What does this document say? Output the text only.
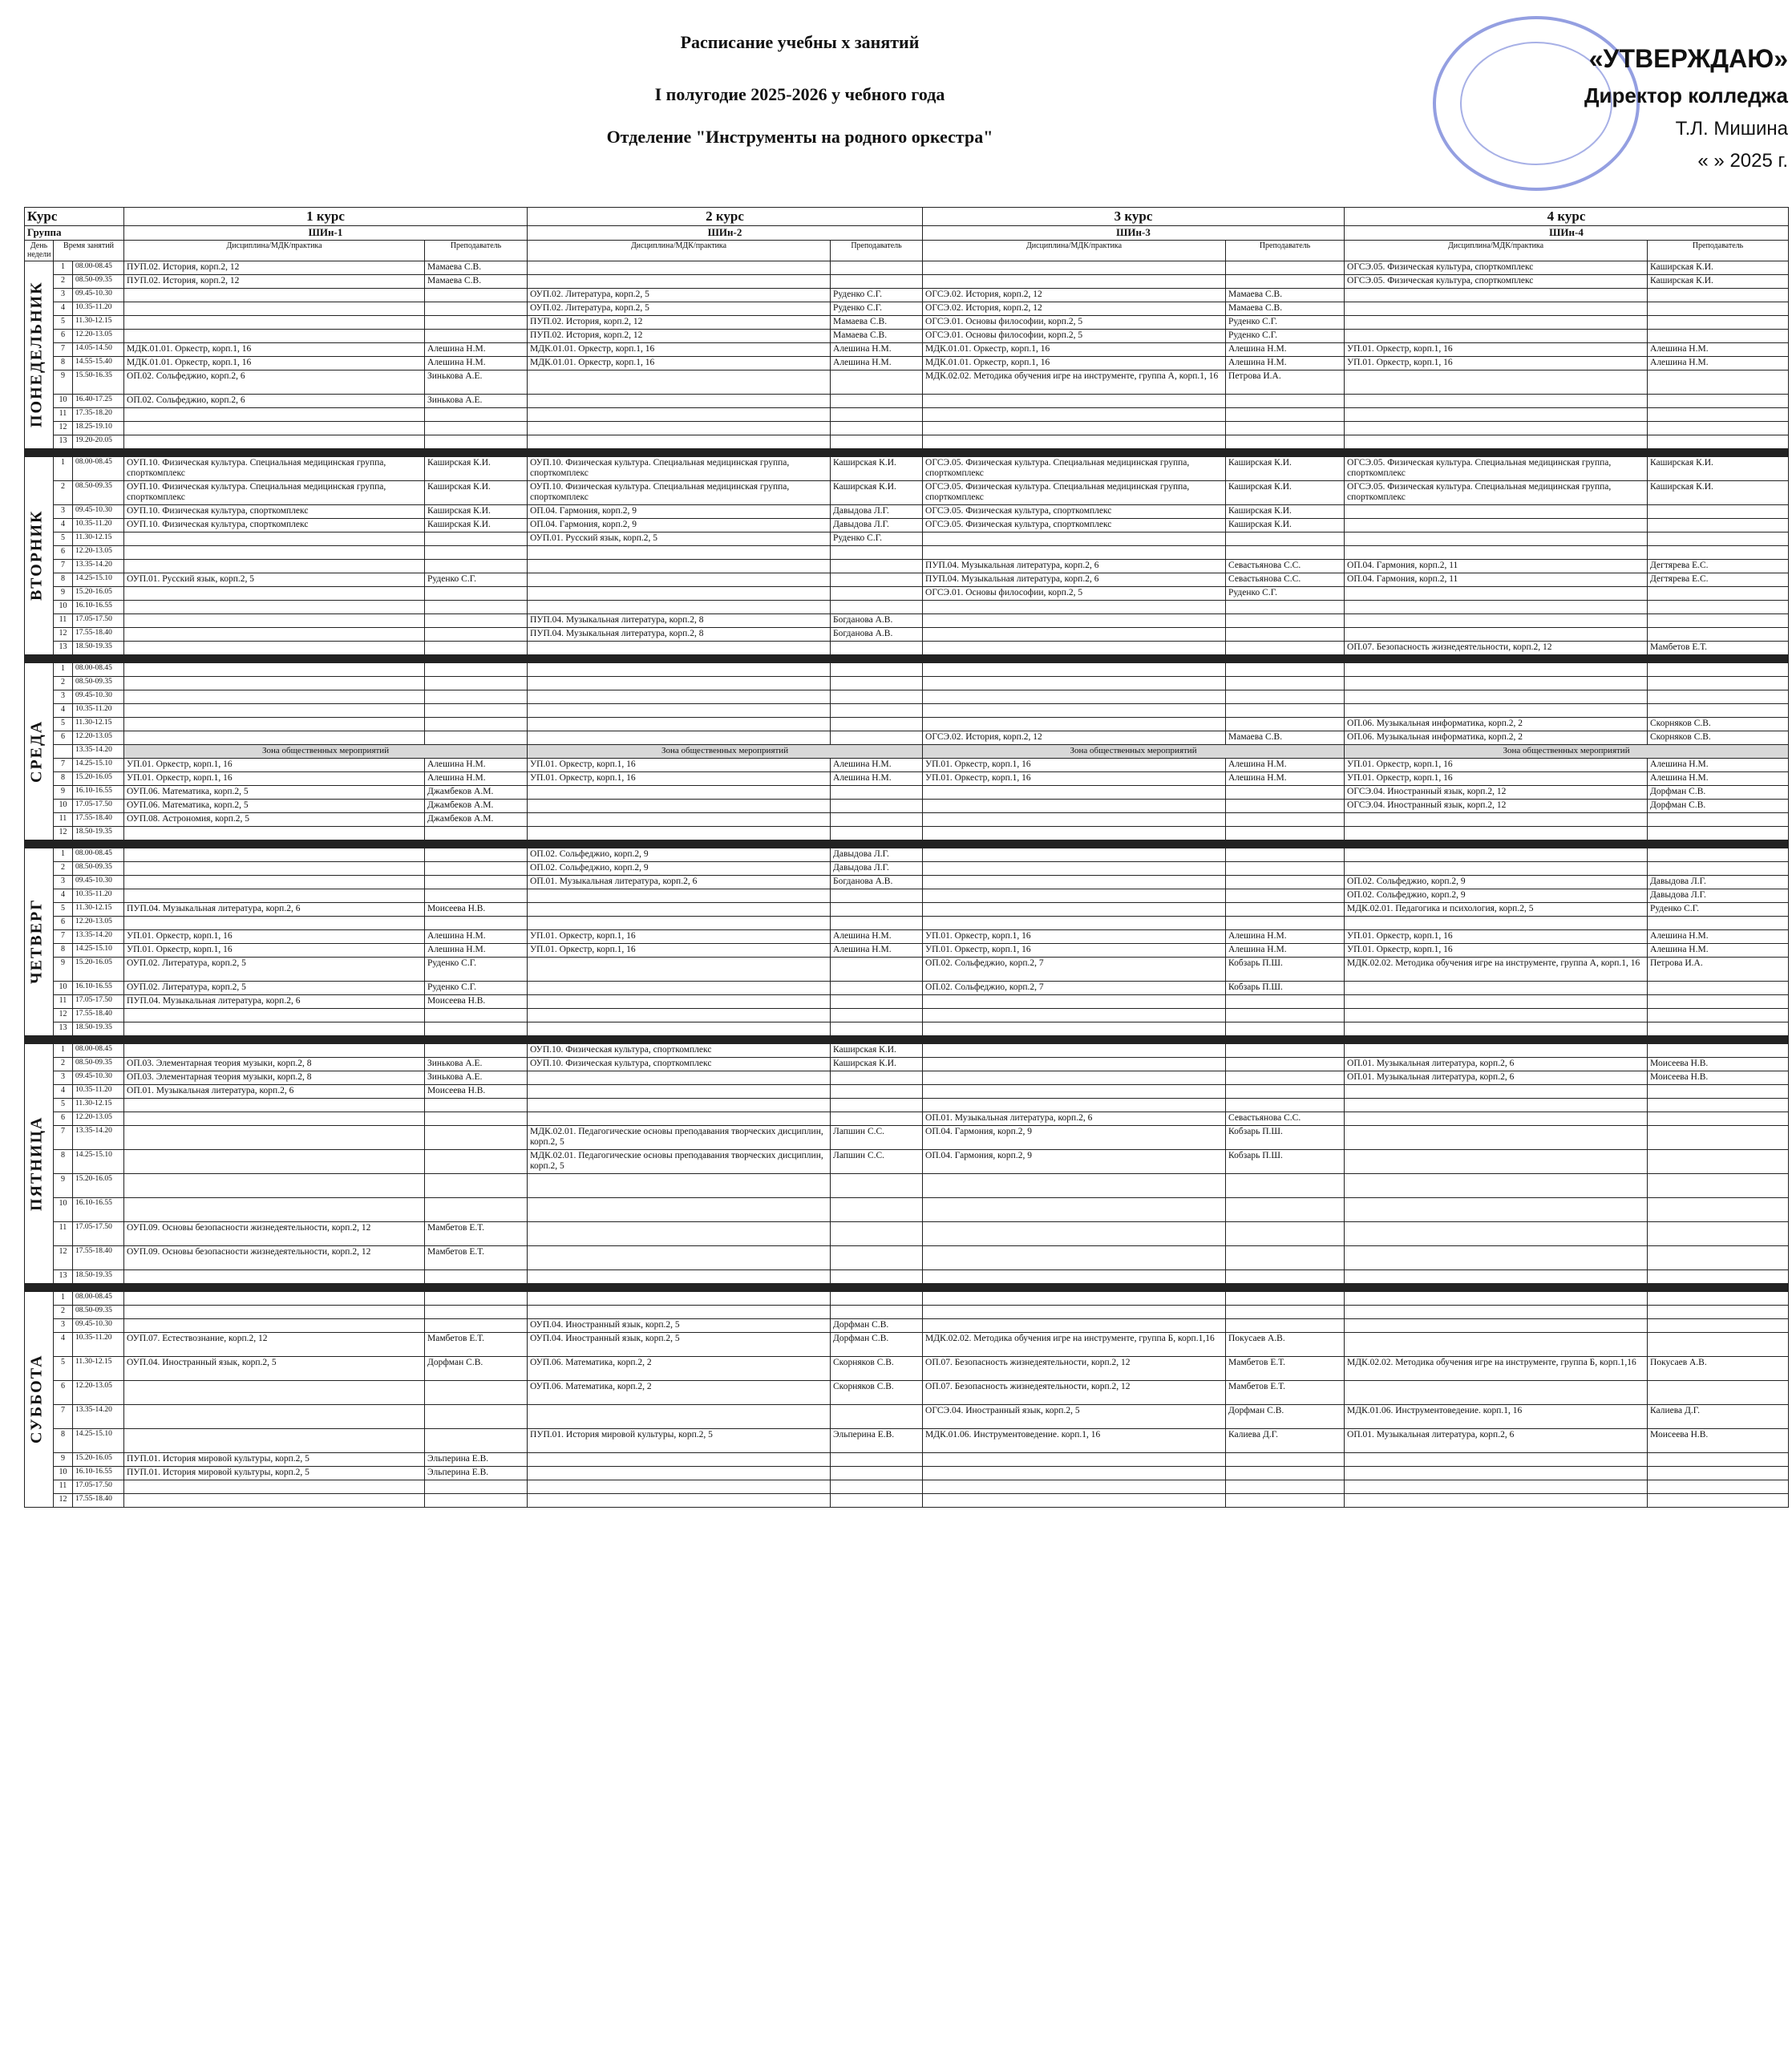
Расписание учебны х занятий
I полугодие 2025-2026 у чебного года
Отделение "Инструменты на родного оркестра"
«УТВЕРЖДАЮ»
Директор колледжа
Т.Л. Мишина
« » 2025 г.
Курс			1 курс		2 курс		3 курс		4 курс	
Группа			ШИн-1		ШИн-2		ШИн-3		ШИн-4	
День недели	Время занятий		Дисциплина/МДК/практика	Преподаватель	Дисциплина/МДК/практика	Преподаватель	Дисциплина/МДК/практика	Преподаватель	Дисциплина/МДК/практика	Преподаватель
ПОНЕДЕЛЬНИК	1	08.00-08.45	ПУП.02. История, корп.2, 12	Мамаева С.В.					ОГСЭ.05. Физическая культура, спорткомплекс	Каширская К.И.
	2	08.50-09.35	ПУП.02. История, корп.2, 12	Мамаева С.В.					ОГСЭ.05. Физическая культура, спорткомплекс	Каширская К.И.
	3	09.45-10.30			ОУП.02. Литература, корп.2, 5	Руденко С.Г.	ОГСЭ.02. История, корп.2, 12	Мамаева С.В.		
	4	10.35-11.20			ОУП.02. Литература, корп.2, 5	Руденко С.Г.	ОГСЭ.02. История, корп.2, 12	Мамаева С.В.		
	5	11.30-12.15			ПУП.02. История, корп.2, 12	Мамаева С.В.	ОГСЭ.01. Основы философии, корп.2, 5	Руденко С.Г.		
	6	12.20-13.05			ПУП.02. История, корп.2, 12	Мамаева С.В.	ОГСЭ.01. Основы философии, корп.2, 5	Руденко С.Г.		
	7	14.05-14.50	МДК.01.01. Оркестр, корп.1, 16	Алешина Н.М.	МДК.01.01. Оркестр, корп.1, 16	Алешина Н.М.	МДК.01.01. Оркестр, корп.1, 16	Алешина Н.М.	УП.01. Оркестр, корп.1, 16	Алешина Н.М.
	8	14.55-15.40	МДК.01.01. Оркестр, корп.1, 16	Алешина Н.М.	МДК.01.01. Оркестр, корп.1, 16	Алешина Н.М.	МДК.01.01. Оркестр, корп.1, 16	Алешина Н.М.	УП.01. Оркестр, корп.1, 16	Алешина Н.М.
	9	15.50-16.35	ОП.02. Сольфеджио, корп.2, 6	Зинькова А.Е.			МДК.02.02. Методика обучения игре на инструменте, группа А, корп.1, 16	Петрова И.А.		
	10	16.40-17.25	ОП.02. Сольфеджио, корп.2, 6	Зинькова А.Е.						
	11	17.35-18.20								
	12	18.25-19.10								
	13	19.20-20.05								

ВТОРНИК	1	08.00-08.45	ОУП.10. Физическая культура. Специальная медицинская группа, спорткомплекс	Каширская К.И.	ОУП.10. Физическая культура. Специальная медицинская группа, спорткомплекс	Каширская К.И.	ОГСЭ.05. Физическая культура. Специальная медицинская группа, спорткомплекс	Каширская К.И.	ОГСЭ.05. Физическая культура. Специальная медицинская группа, спорткомплекс	Каширская К.И.
	2	08.50-09.35	ОУП.10. Физическая культура. Специальная медицинская группа, спорткомплекс	Каширская К.И.	ОУП.10. Физическая культура. Специальная медицинская группа, спорткомплекс	Каширская К.И.	ОГСЭ.05. Физическая культура. Специальная медицинская группа, спорткомплекс	Каширская К.И.	ОГСЭ.05. Физическая культура. Специальная медицинская группа, спорткомплекс	Каширская К.И.
	3	09.45-10.30	ОУП.10. Физическая культура, спорткомплекс	Каширская К.И.	ОП.04. Гармония, корп.2, 9	Давыдова Л.Г.	ОГСЭ.05. Физическая культура, спорткомплекс	Каширская К.И.		
	4	10.35-11.20	ОУП.10. Физическая культура, спорткомплекс	Каширская К.И.	ОП.04. Гармония, корп.2, 9	Давыдова Л.Г.	ОГСЭ.05. Физическая культура, спорткомплекс	Каширская К.И.		
	5	11.30-12.15			ОУП.01. Русский язык, корп.2, 5	Руденко С.Г.				
	6	12.20-13.05								
	7	13.35-14.20					ПУП.04. Музыкальная литература, корп.2, 6	Севастьянова С.С.	ОП.04. Гармония, корп.2, 11	Дегтярева Е.С.
	8	14.25-15.10	ОУП.01. Русский язык, корп.2, 5	Руденко С.Г.			ПУП.04. Музыкальная литература, корп.2, 6	Севастьянова С.С.	ОП.04. Гармония, корп.2, 11	Дегтярева Е.С.
	9	15.20-16.05					ОГСЭ.01. Основы философии, корп.2, 5	Руденко С.Г.		
	10	16.10-16.55								
	11	17.05-17.50			ПУП.04. Музыкальная литература, корп.2, 8	Богданова А.В.				
	12	17.55-18.40			ПУП.04. Музыкальная литература, корп.2, 8	Богданова А.В.				
	13	18.50-19.35							ОП.07. Безопасность жизнедеятельности, корп.2, 12	Мамбетов Е.Т.

СРЕДА	1	08.00-08.45								
	2	08.50-09.35								
	3	09.45-10.30								
	4	10.35-11.20								
	5	11.30-12.15							ОП.06. Музыкальная информатика, корп.2, 2	Скорняков С.В.
	6	12.20-13.05					ОГСЭ.02. История, корп.2, 12	Мамаева С.В.	ОП.06. Музыкальная информатика, корп.2, 2	Скорняков С.В.
		13.35-14.20	Зона общественных мероприятий		Зона общественных мероприятий		Зона общественных мероприятий		Зона общественных мероприятий	
	7	14.25-15.10	УП.01. Оркестр, корп.1, 16	Алешина Н.М.	УП.01. Оркестр, корп.1, 16	Алешина Н.М.	УП.01. Оркестр, корп.1, 16	Алешина Н.М.	УП.01. Оркестр, корп.1, 16	Алешина Н.М.
	8	15.20-16.05	УП.01. Оркестр, корп.1, 16	Алешина Н.М.	УП.01. Оркестр, корп.1, 16	Алешина Н.М.	УП.01. Оркестр, корп.1, 16	Алешина Н.М.	УП.01. Оркестр, корп.1, 16	Алешина Н.М.
	9	16.10-16.55	ОУП.06. Математика, корп.2, 5	Джамбеков А.М.					ОГСЭ.04. Иностранный язык, корп.2, 12	Дорфман С.В.
	10	17.05-17.50	ОУП.06. Математика, корп.2, 5	Джамбеков А.М.					ОГСЭ.04. Иностранный язык, корп.2, 12	Дорфман С.В.
	11	17.55-18.40	ОУП.08. Астрономия, корп.2, 5	Джамбеков А.М.						
	12	18.50-19.35								

ЧЕТВЕРГ	1	08.00-08.45			ОП.02. Сольфеджио, корп.2, 9	Давыдова Л.Г.				
	2	08.50-09.35			ОП.02. Сольфеджио, корп.2, 9	Давыдова Л.Г.				
	3	09.45-10.30			ОП.01. Музыкальная литература, корп.2, 6	Богданова А.В.			ОП.02. Сольфеджио, корп.2, 9	Давыдова Л.Г.
	4	10.35-11.20							ОП.02. Сольфеджио, корп.2, 9	Давыдова Л.Г.
	5	11.30-12.15	ПУП.04. Музыкальная литература, корп.2, 6	Моисеева Н.В.					МДК.02.01. Педагогика и психология, корп.2, 5	Руденко С.Г.
	6	12.20-13.05								
	7	13.35-14.20	УП.01. Оркестр, корп.1, 16	Алешина Н.М.	УП.01. Оркестр, корп.1, 16	Алешина Н.М.	УП.01. Оркестр, корп.1, 16	Алешина Н.М.	УП.01. Оркестр, корп.1, 16	Алешина Н.М.
	8	14.25-15.10	УП.01. Оркестр, корп.1, 16	Алешина Н.М.	УП.01. Оркестр, корп.1, 16	Алешина Н.М.	УП.01. Оркестр, корп.1, 16	Алешина Н.М.	УП.01. Оркестр, корп.1, 16	Алешина Н.М.
	9	15.20-16.05	ОУП.02. Литература, корп.2, 5	Руденко С.Г.			ОП.02. Сольфеджио, корп.2, 7	Кобзарь П.Ш.	МДК.02.02. Методика обучения игре на инструменте, группа А, корп.1, 16	Петрова И.А.
	10	16.10-16.55	ОУП.02. Литература, корп.2, 5	Руденко С.Г.			ОП.02. Сольфеджио, корп.2, 7	Кобзарь П.Ш.		
	11	17.05-17.50	ПУП.04. Музыкальная литература, корп.2, 6	Моисеева Н.В.						
	12	17.55-18.40								
	13	18.50-19.35								

ПЯТНИЦА	1	08.00-08.45			ОУП.10. Физическая культура, спорткомплекс	Каширская К.И.				
	2	08.50-09.35	ОП.03. Элементарная теория музыки, корп.2, 8	Зинькова А.Е.	ОУП.10. Физическая культура, спорткомплекс	Каширская К.И.			ОП.01. Музыкальная литература, корп.2, 6	Моисеева Н.В.
	3	09.45-10.30	ОП.03. Элементарная теория музыки, корп.2, 8	Зинькова А.Е.					ОП.01. Музыкальная литература, корп.2, 6	Моисеева Н.В.
	4	10.35-11.20	ОП.01. Музыкальная литература, корп.2, 6	Моисеева Н.В.						
	5	11.30-12.15								
	6	12.20-13.05					ОП.01. Музыкальная литература, корп.2, 6	Севастьянова С.С.		
	7	13.35-14.20			МДК.02.01. Педагогические основы преподавания творческих дисциплин, корп.2, 5	Лапшин С.С.	ОП.04. Гармония, корп.2, 9	Кобзарь П.Ш.		
	8	14.25-15.10			МДК.02.01. Педагогические основы преподавания творческих дисциплин, корп.2, 5	Лапшин С.С.	ОП.04. Гармония, корп.2, 9	Кобзарь П.Ш.		
	9	15.20-16.05								
	10	16.10-16.55								
	11	17.05-17.50	ОУП.09. Основы безопасности жизнедеятельности, корп.2, 12	Мамбетов Е.Т.						
	12	17.55-18.40	ОУП.09. Основы безопасности жизнедеятельности, корп.2, 12	Мамбетов Е.Т.						
	13	18.50-19.35								

СУББОТА	1	08.00-08.45								
	2	08.50-09.35								
	3	09.45-10.30			ОУП.04. Иностранный язык, корп.2, 5	Дорфман С.В.				
	4	10.35-11.20	ОУП.07. Естествознание, корп.2, 12	Мамбетов Е.Т.	ОУП.04. Иностранный язык, корп.2, 5	Дорфман С.В.	МДК.02.02. Методика обучения игре на инструменте, группа Б, корп.1,16	Покусаев А.В.		
	5	11.30-12.15	ОУП.04. Иностранный язык, корп.2, 5	Дорфман С.В.	ОУП.06. Математика, корп.2, 2	Скорняков С.В.	ОП.07. Безопасность жизнедеятельности, корп.2, 12	Мамбетов Е.Т.	МДК.02.02. Методика обучения игре на инструменте, группа Б, корп.1,16	Покусаев А.В.
	6	12.20-13.05			ОУП.06. Математика, корп.2, 2	Скорняков С.В.	ОП.07. Безопасность жизнедеятельности, корп.2, 12	Мамбетов Е.Т.		
	7	13.35-14.20					ОГСЭ.04. Иностранный язык, корп.2, 5	Дорфман С.В.	МДК.01.06. Инструментоведение. корп.1, 16	Калиева Д.Г.
	8	14.25-15.10			ПУП.01. История мировой культуры, корп.2, 5	Эльперина Е.В.	МДК.01.06. Инструментоведение. корп.1, 16	Калиева Д.Г.	ОП.01. Музыкальная литература, корп.2, 6	Моисеева Н.В.
	9	15.20-16.05	ПУП.01. История мировой культуры, корп.2, 5	Эльперина Е.В.						
	10	16.10-16.55	ПУП.01. История мировой культуры, корп.2, 5	Эльперина Е.В.						
	11	17.05-17.50								
	12	17.55-18.40								
